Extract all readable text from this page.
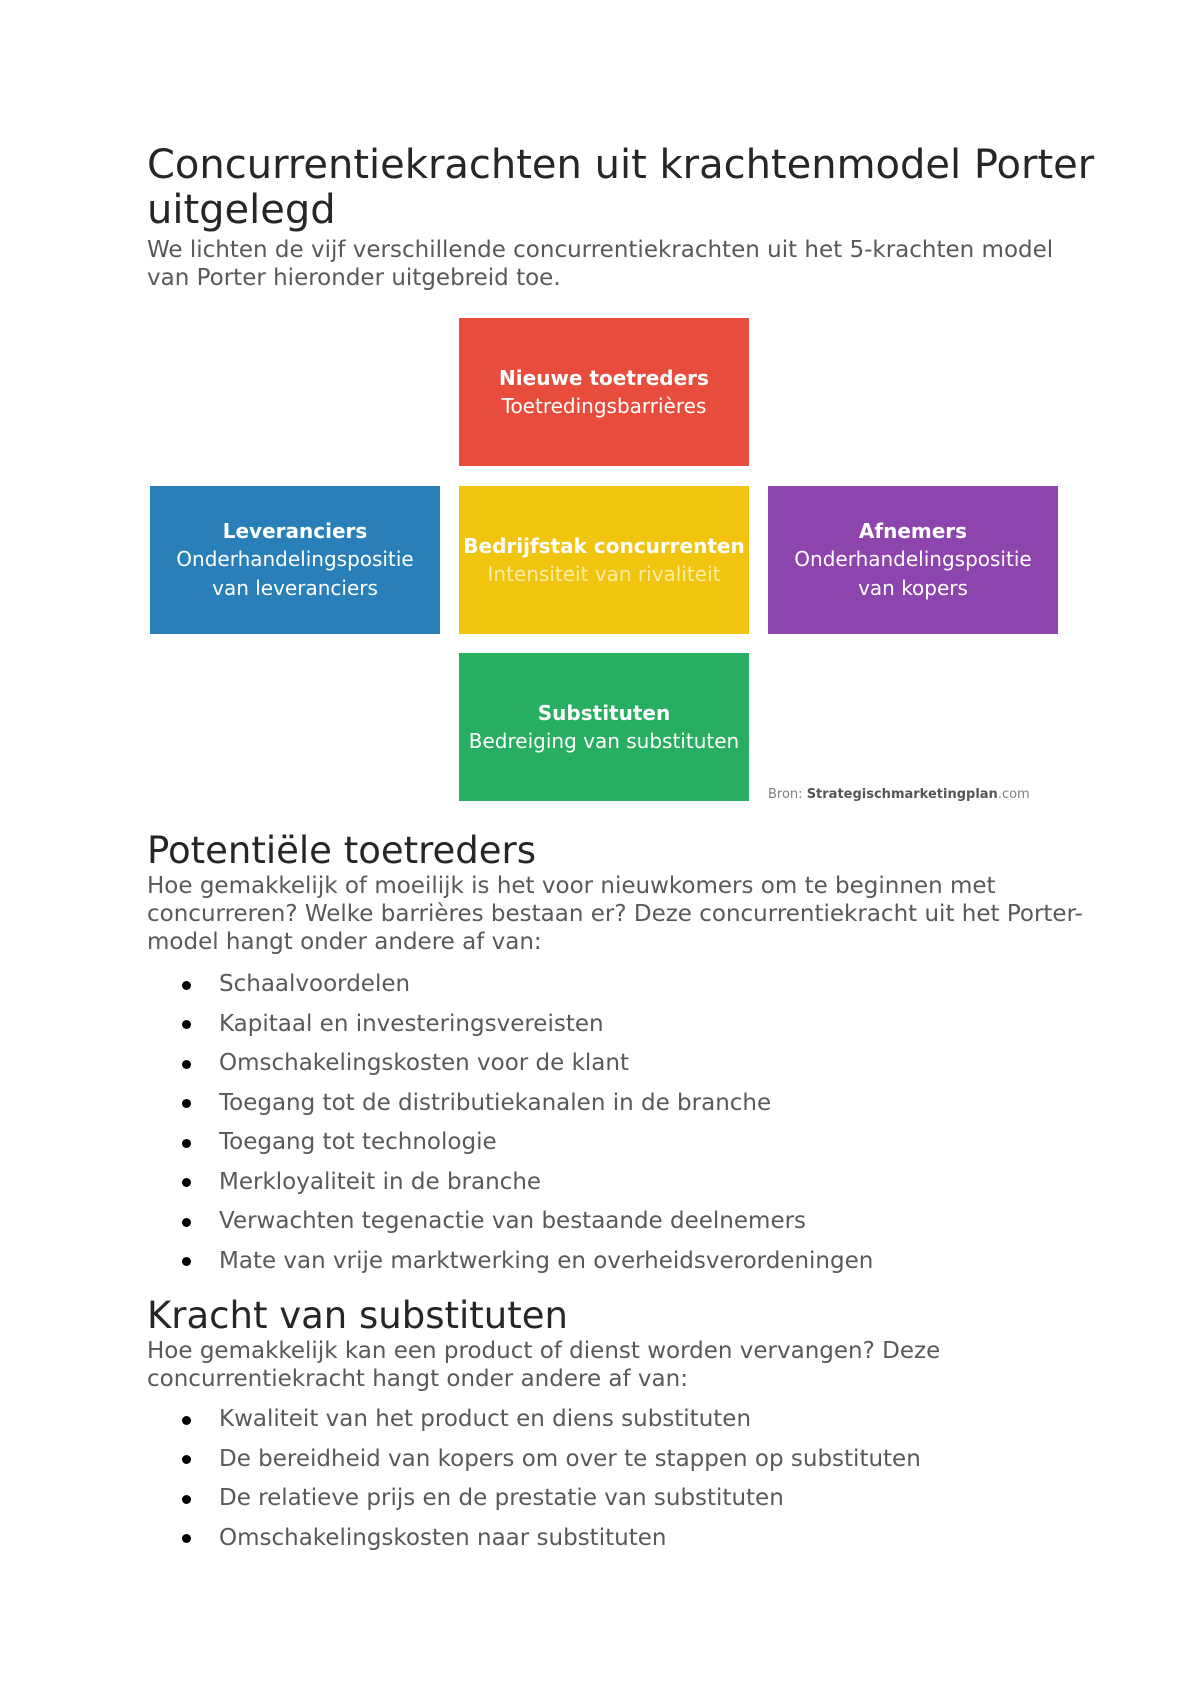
Concurrentiekrachten uit krachtenmodel Porter uitgelegd

We lichten de vijf verschillende concurrentiekrachten uit het 5-krachten model van Porter hieronder uitgebreid toe.

Nieuwe toetreders
Toetredingsbarrières
Leveranciers
Onderhandelingspositie van leveranciers
Bedrijfstak concurrenten
Intensiteit van rivaliteit
Afnemers
Onderhandelingspositie van kopers
Substituten
Bedreiging van substituten
Bron: Strategischmarketingplan.com
Potentiële toetreders

Hoe gemakkelijk of moeilijk is het voor nieuwkomers om te beginnen met concurreren? Welke barrières bestaan er? Deze concurrentiekracht uit het Porter-model hangt onder andere af van:

Schaalvoordelen
Kapitaal en investeringsvereisten
Omschakelingskosten voor de klant
Toegang tot de distributiekanalen in de branche
Toegang tot technologie
Merkloyaliteit in de branche
Verwachten tegenactie van bestaande deelnemers
Mate van vrije marktwerking en overheidsverordeningen
Kracht van substituten

Hoe gemakkelijk kan een product of dienst worden vervangen? Deze concurrentiekracht hangt onder andere af van:

Kwaliteit van het product en diens substituten
De bereidheid van kopers om over te stappen op substituten
De relatieve prijs en de prestatie van substituten
Omschakelingskosten naar substituten
